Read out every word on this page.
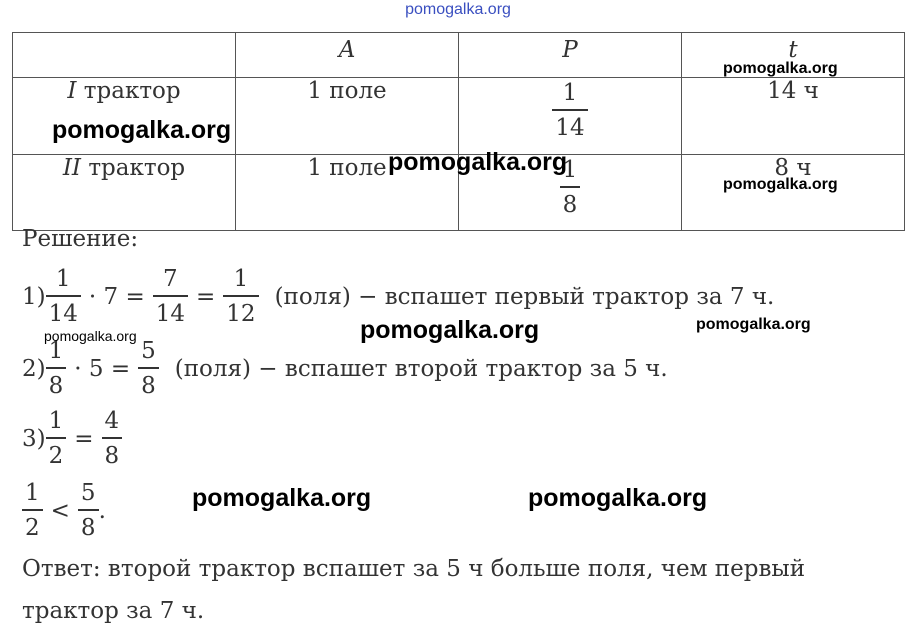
pomogalka.org
	A	P	t
I трактор	1 поле	$\frac{1}{14}$	14 ч
II трактор	1 поле	$\frac{1}{8}$	8 ч
Решение:
$1) \frac{1}{14} \cdot 7 = \frac{7}{14} = \frac{1}{12}$ (поля) − вспашет первый трактор за 7 ч.
$2) \frac{1}{8} \cdot 5 = \frac{5}{8}$ (поля) − вспашет второй трактор за 5 ч.
$3) \frac{1}{2} = \frac{4}{8}$
$\frac{1}{2} < \frac{5}{8}$ .
Ответ: второй трактор вспашет за 5 ч больше поля, чем первый
трактор за 7 ч.
pomogalka.org
pomogalka.org
pomogalka.org
pomogalka.org
pomogalka.org	pomogalka.org	pomogalka.org
pomogalka.org	pomogalka.org
